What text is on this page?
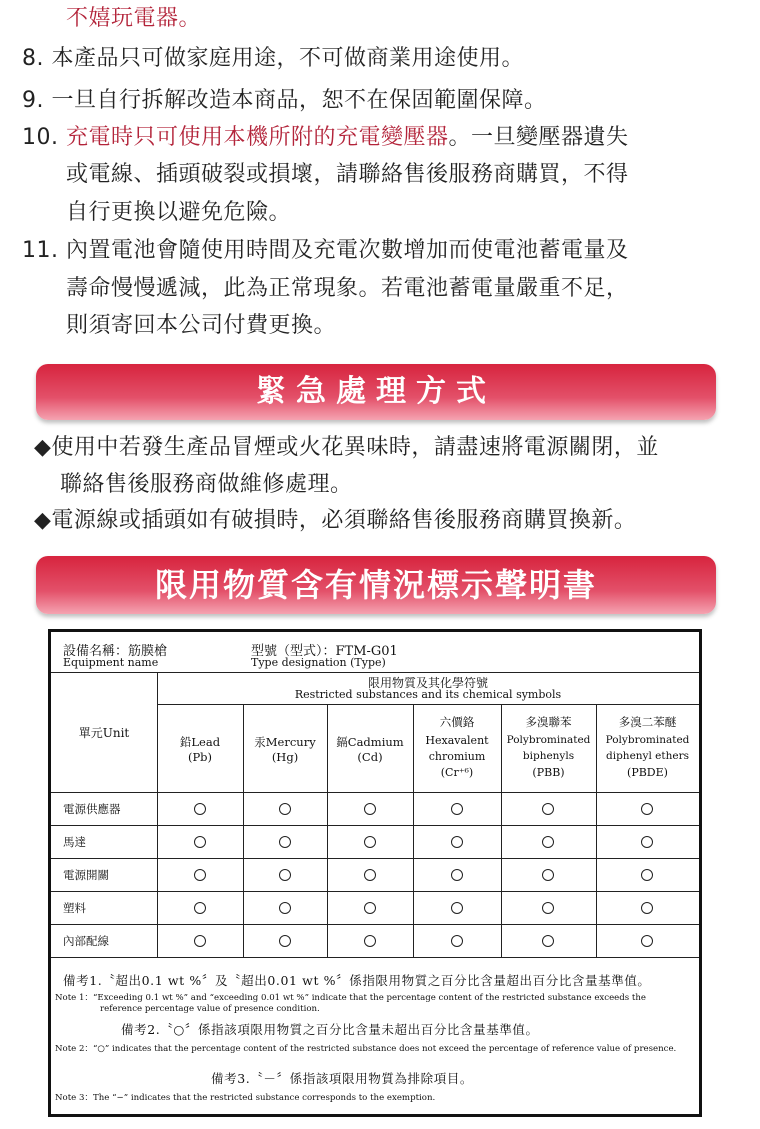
不嬉玩電器。
8. 本產品只可做家庭用途，不可做商業用途使用。
9. 一旦自行拆解改造本商品，恕不在保固範圍保障。
10. 充電時只可使用本機所附的充電變壓器。一旦變壓器遺失
或電線、插頭破裂或損壞，請聯絡售後服務商購買，不得
自行更換以避免危險。
11. 內置電池會隨使用時間及充電次數增加而使電池蓄電量及
壽命慢慢遞減，此為正常現象。若電池蓄電量嚴重不足，
則須寄回本公司付費更換。
緊急處理方式
◆使用中若發生產品冒煙或火花異味時，請盡速將電源關閉，並
聯絡售後服務商做維修處理。
◆電源線或插頭如有破損時，必須聯絡售後服務商購買換新。
限用物質含有情況標示聲明書
設備名稱：筋膜槍
Equipment name
型號（型式）：FTM-G01
Type designation (Type)
限用物質及其化學符號
Restricted substances and its chemical symbols
單元Unit
鉛Lead
(Pb)
汞Mercury
(Hg)
鎘Cadmium
(Cd)
六價鉻
Hexavalent
chromium
(Cr⁺⁶)
多溴聯苯
Polybrominated
biphenyls
(PBB)
多溴二苯醚
Polybrominated
diphenyl ethers
(PBDE)
電源供應器
馬達
電源開關
塑料
內部配線
備考1.〝超出0.1 wt %〞及〝超出0.01 wt %〞係指限用物質之百分比含量超出百分比含量基準值。
Note 1：“Exceeding 0.1 wt %” and “exceeding 0.01 wt %” indicate that the percentage content of the restricted substance exceeds the
reference percentage value of presence condition.
備考2.〝○〞係指該項限用物質之百分比含量未超出百分比含量基準值。
Note 2：“○” indicates that the percentage content of the restricted substance does not exceed the percentage of reference value of presence.
備考3.〝－〞係指該項限用物質為排除項目。
Note 3：The “−” indicates that the restricted substance corresponds to the exemption.
